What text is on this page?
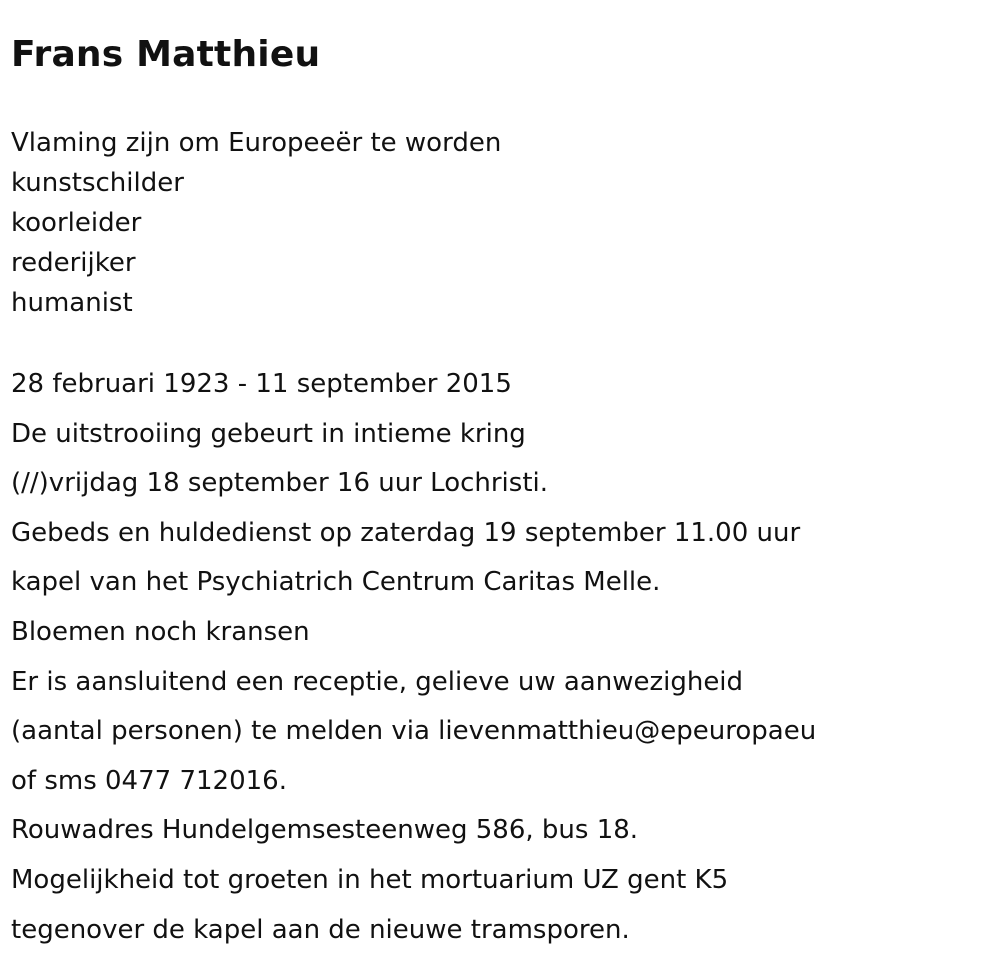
Frans Matthieu
Vlaming zijn om Europeeër te worden
kunstschilder
koorleider
rederijker
humanist
28 februari 1923 - 11 september 2015
De uitstrooiing gebeurt in intieme kring
(//)vrijdag 18 september 16 uur Lochristi.
Gebeds en huldedienst op zaterdag 19 september 11.00 uur
kapel van het Psychiatrich Centrum Caritas Melle.
Bloemen noch kransen
Er is aansluitend een receptie, gelieve uw aanwezigheid
(aantal personen) te melden via lievenmatthieu@epeuropaeu
of sms 0477 712016.
Rouwadres Hundelgemsesteenweg 586, bus 18.
Mogelijkheid tot groeten in het mortuarium UZ gent K5
tegenover de kapel aan de nieuwe tramsporen.
